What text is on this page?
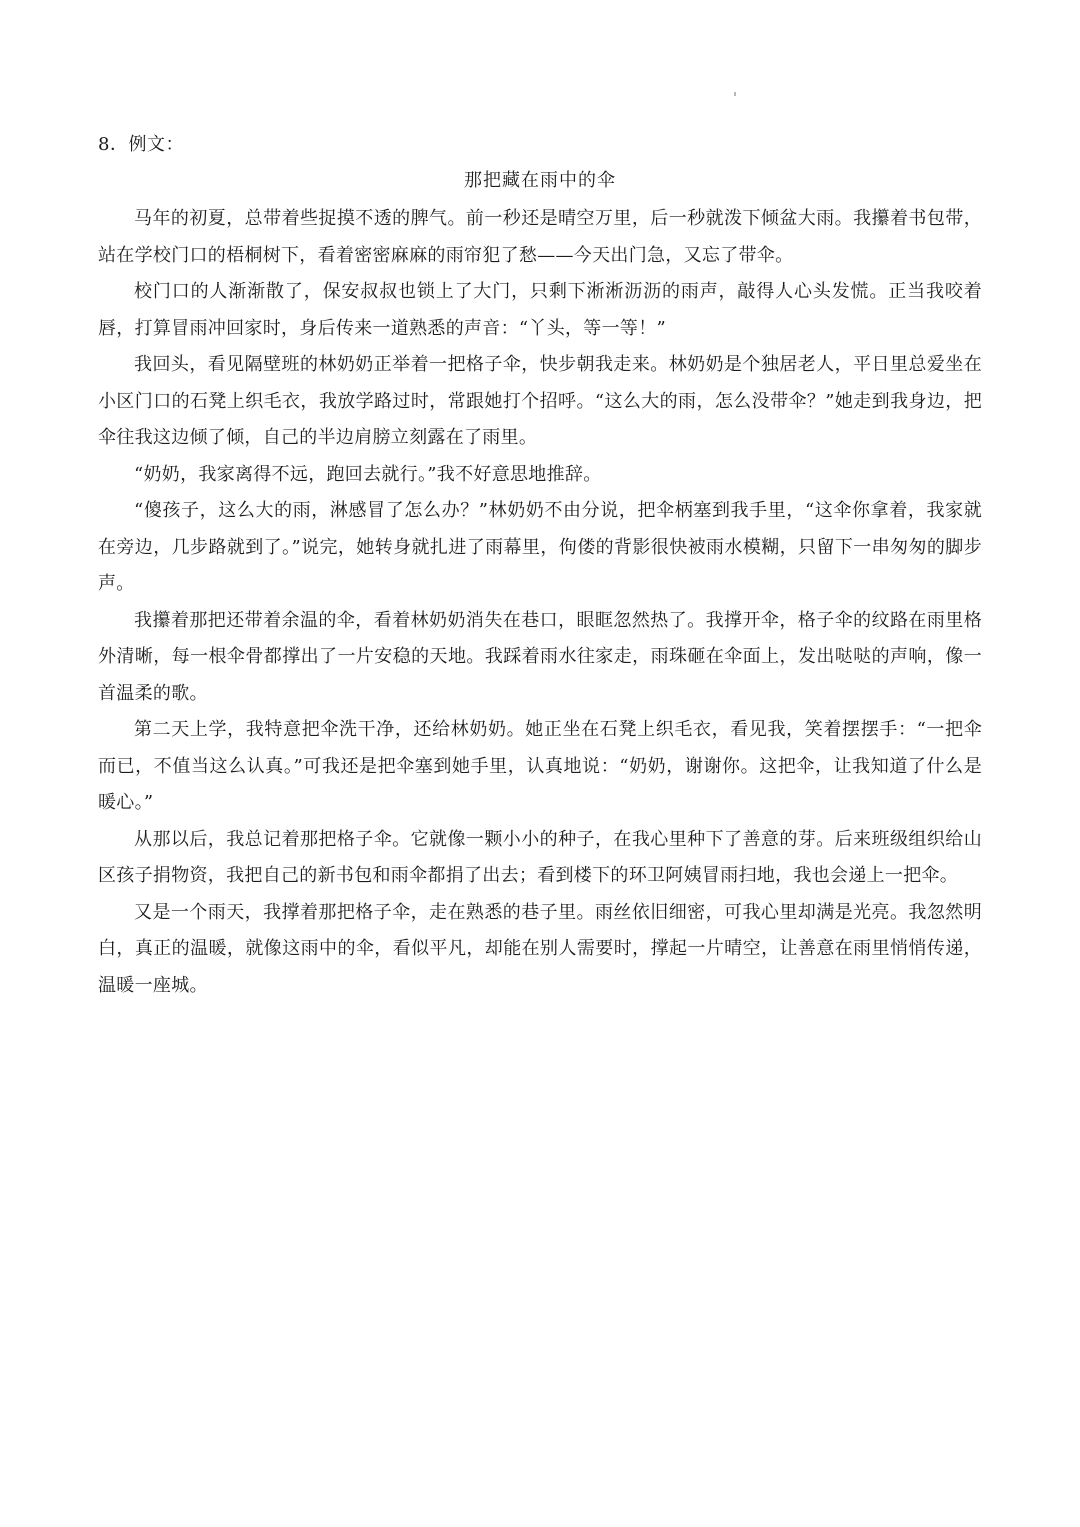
8．例文：
那把藏在雨中的伞

马年的初夏，总带着些捉摸不透的脾气。前一秒还是晴空万里，后一秒就泼下倾盆大雨。我攥着书包带，站在学校门口的梧桐树下，看着密密麻麻的雨帘犯了愁——今天出门急，又忘了带伞。

校门口的人渐渐散了，保安叔叔也锁上了大门，只剩下淅淅沥沥的雨声，敲得人心头发慌。正当我咬着唇，打算冒雨冲回家时，身后传来一道熟悉的声音：“丫头，等一等！”

我回头，看见隔壁班的林奶奶正举着一把格子伞，快步朝我走来。林奶奶是个独居老人，平日里总爱坐在小区门口的石凳上织毛衣，我放学路过时，常跟她打个招呼。“这么大的雨，怎么没带伞？”她走到我身边，把伞往我这边倾了倾，自己的半边肩膀立刻露在了雨里。

“奶奶，我家离得不远，跑回去就行。”我不好意思地推辞。

“傻孩子，这么大的雨，淋感冒了怎么办？”林奶奶不由分说，把伞柄塞到我手里，“这伞你拿着，我家就在旁边，几步路就到了。”说完，她转身就扎进了雨幕里，佝偻的背影很快被雨水模糊，只留下一串匆匆的脚步声。

我攥着那把还带着余温的伞，看着林奶奶消失在巷口，眼眶忽然热了。我撑开伞，格子伞的纹路在雨里格外清晰，每一根伞骨都撑出了一片安稳的天地。我踩着雨水往家走，雨珠砸在伞面上，发出哒哒的声响，像一首温柔的歌。

第二天上学，我特意把伞洗干净，还给林奶奶。她正坐在石凳上织毛衣，看见我，笑着摆摆手：“一把伞而已，不值当这么认真。”可我还是把伞塞到她手里，认真地说：“奶奶，谢谢你。这把伞，让我知道了什么是暖心。”

从那以后，我总记着那把格子伞。它就像一颗小小的种子，在我心里种下了善意的芽。后来班级组织给山区孩子捐物资，我把自己的新书包和雨伞都捐了出去；看到楼下的环卫阿姨冒雨扫地，我也会递上一把伞。

又是一个雨天，我撑着那把格子伞，走在熟悉的巷子里。雨丝依旧细密，可我心里却满是光亮。我忽然明白，真正的温暖，就像这雨中的伞，看似平凡，却能在别人需要时，撑起一片晴空，让善意在雨里悄悄传递，温暖一座城。
